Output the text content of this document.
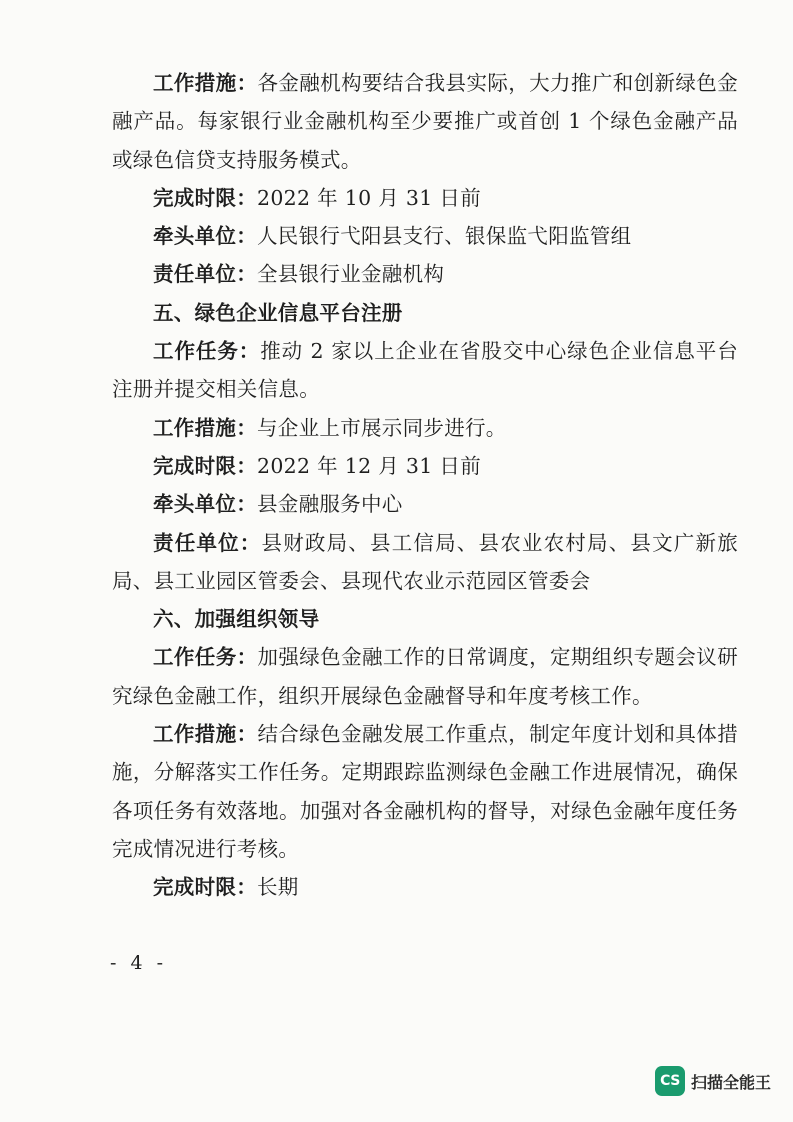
工作措施：各金融机构要结合我县实际，大力推广和创新绿色金融产品。每家银行业金融机构至少要推广或首创 1 个绿色金融产品或绿色信贷支持服务模式。

完成时限：2022 年 10 月 31 日前

牵头单位：人民银行弋阳县支行、银保监弋阳监管组

责任单位：全县银行业金融机构

五、绿色企业信息平台注册

工作任务：推动 2 家以上企业在省股交中心绿色企业信息平台注册并提交相关信息。

工作措施：与企业上市展示同步进行。

完成时限：2022 年 12 月 31 日前

牵头单位：县金融服务中心

责任单位：县财政局、县工信局、县农业农村局、县文广新旅局、县工业园区管委会、县现代农业示范园区管委会

六、加强组织领导

工作任务：加强绿色金融工作的日常调度，定期组织专题会议研究绿色金融工作，组织开展绿色金融督导和年度考核工作。

工作措施：结合绿色金融发展工作重点，制定年度计划和具体措施，分解落实工作任务。定期跟踪监测绿色金融工作进展情况，确保各项任务有效落地。加强对各金融机构的督导，对绿色金融年度任务完成情况进行考核。

完成时限：长期

- 4 -
CS 扫描全能王
